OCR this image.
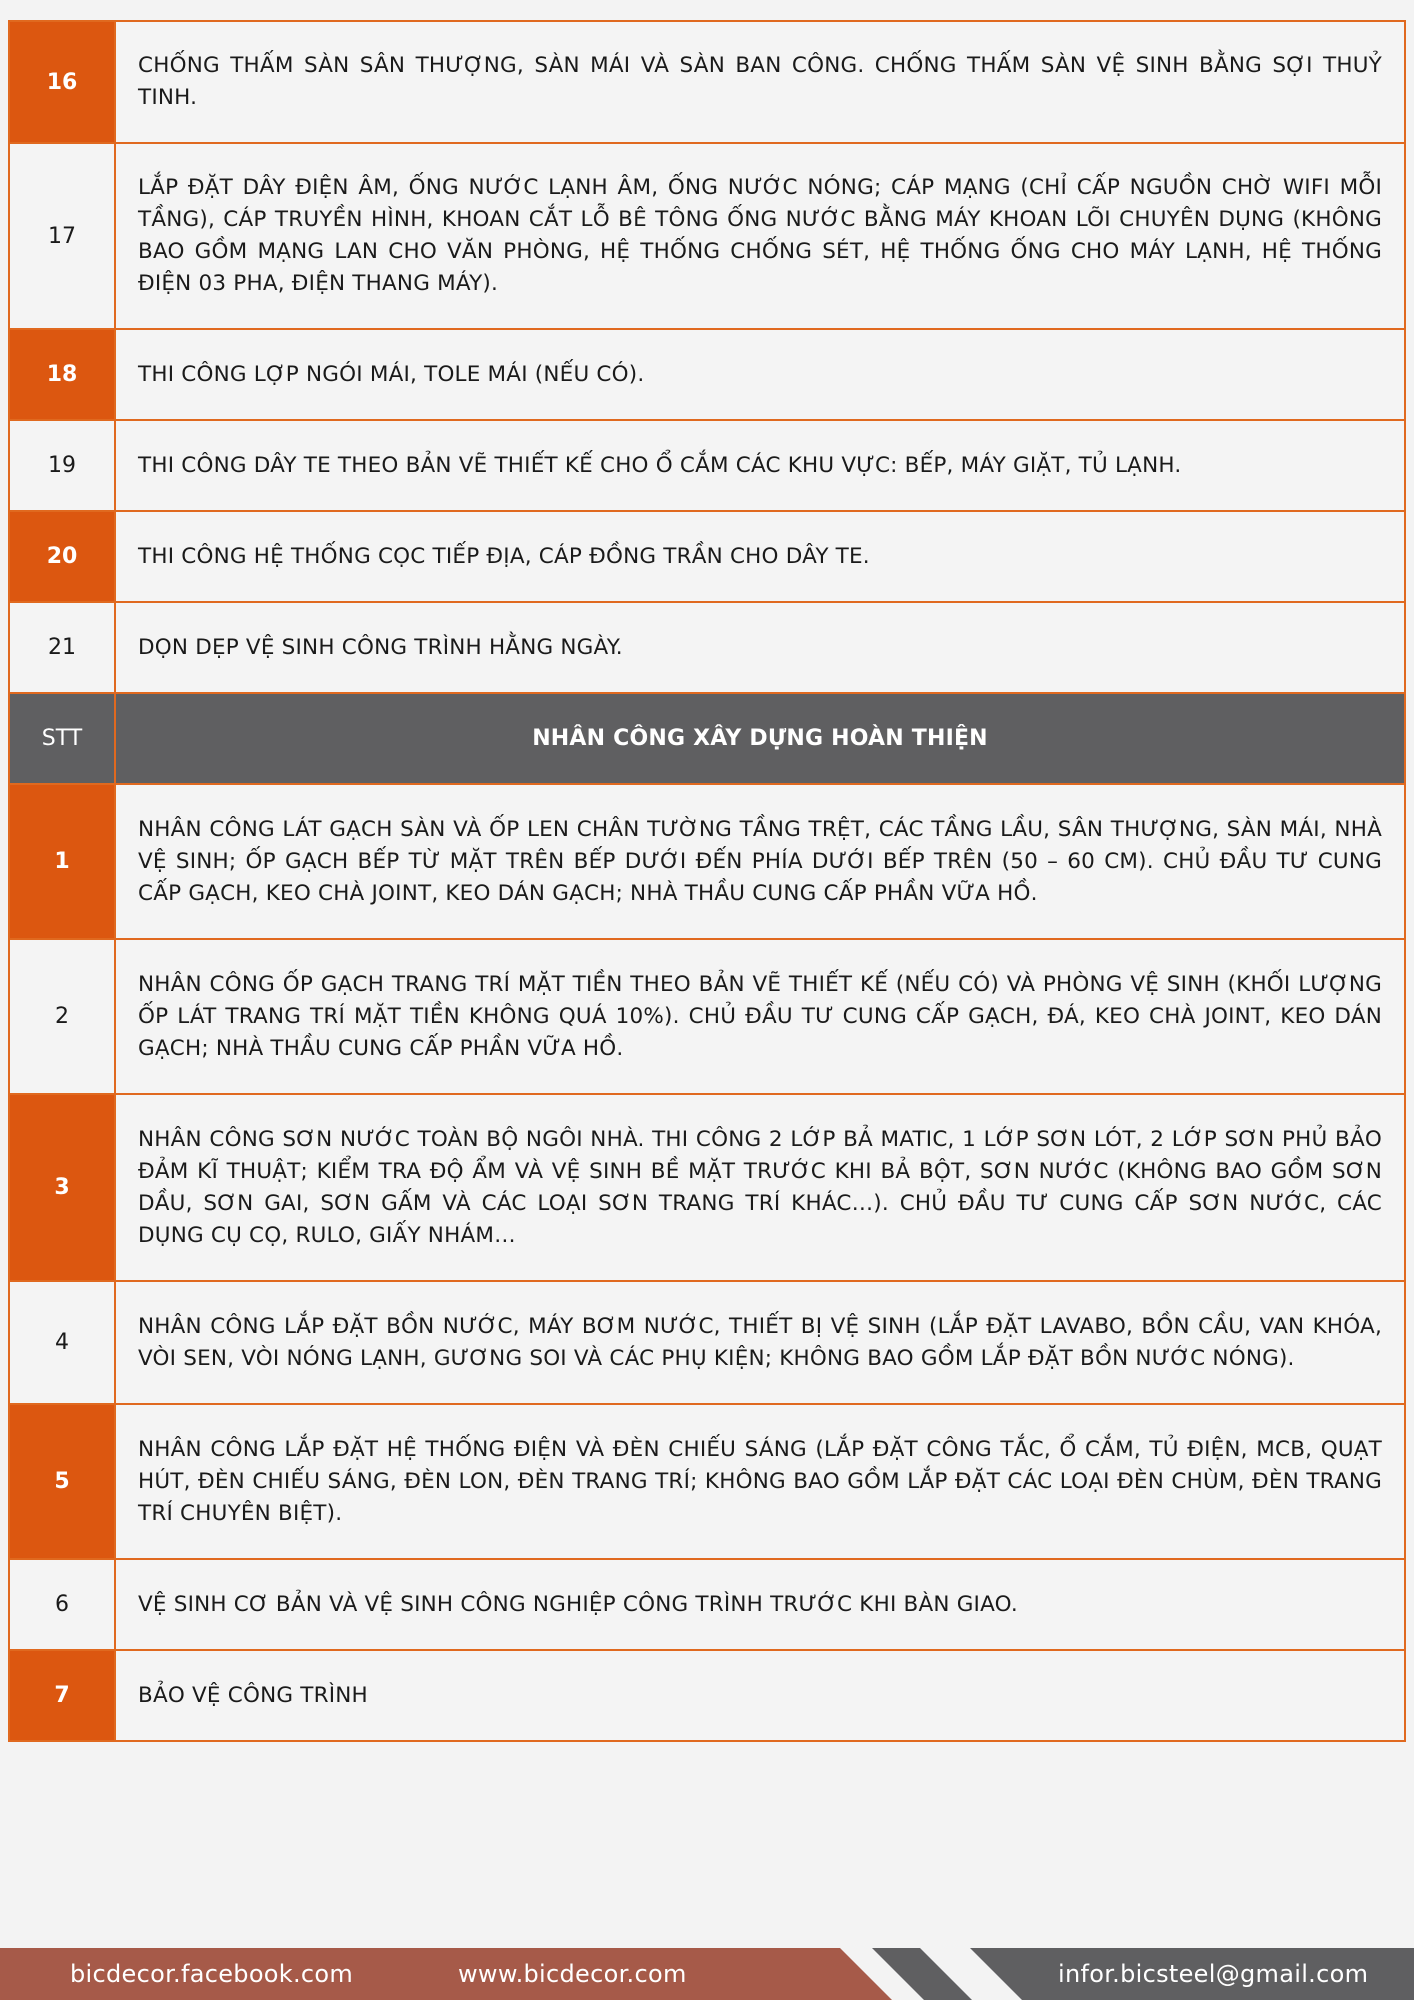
16	CHỐNG THẤM SÀN SÂN THƯỢNG, SÀN MÁI VÀ SÀN BAN CÔNG. CHỐNG THẤM SÀN VỆ SINH BẰNG SỢI THUỶ TINH.
17	LẮP ĐẶT DÂY ĐIỆN ÂM, ỐNG NƯỚC LẠNH ÂM, ỐNG NƯỚC NÓNG; CÁP MẠNG (CHỈ CẤP NGUỒN CHỜ WIFI MỖI TẦNG), CÁP TRUYỀN HÌNH, KHOAN CẮT LỖ BÊ TÔNG ỐNG NƯỚC BẰNG MÁY KHOAN LÕI CHUYÊN DỤNG (KHÔNG BAO GỒM MẠNG LAN CHO VĂN PHÒNG, HỆ THỐNG CHỐNG SÉT, HỆ THỐNG ỐNG CHO MÁY LẠNH, HỆ THỐNG ĐIỆN 03 PHA, ĐIỆN THANG MÁY).
18	THI CÔNG LỢP NGÓI MÁI, TOLE MÁI (NẾU CÓ).
19	THI CÔNG DÂY TE THEO BẢN VẼ THIẾT KẾ CHO Ổ CẮM CÁC KHU VỰC: BẾP, MÁY GIẶT, TỦ LẠNH.
20	THI CÔNG HỆ THỐNG CỌC TIẾP ĐỊA, CÁP ĐỒNG TRẦN CHO DÂY TE.
21	DỌN DẸP VỆ SINH CÔNG TRÌNH HẰNG NGÀY.
STT	NHÂN CÔNG XÂY DỰNG HOÀN THIỆN
1	NHÂN CÔNG LÁT GẠCH SÀN VÀ ỐP LEN CHÂN TƯỜNG TẦNG TRỆT, CÁC TẦNG LẦU, SÂN THƯỢNG, SÀN MÁI, NHÀ VỆ SINH; ỐP GẠCH BẾP TỪ MẶT TRÊN BẾP DƯỚI ĐẾN PHÍA DƯỚI BẾP TRÊN (50 – 60 CM). CHỦ ĐẦU TƯ CUNG CẤP GẠCH, KEO CHÀ JOINT, KEO DÁN GẠCH; NHÀ THẦU CUNG CẤP PHẦN VỮA HỒ.
2	NHÂN CÔNG ỐP GẠCH TRANG TRÍ MẶT TIỀN THEO BẢN VẼ THIẾT KẾ (NẾU CÓ) VÀ PHÒNG VỆ SINH (KHỐI LƯỢNG ỐP LÁT TRANG TRÍ MẶT TIỀN KHÔNG QUÁ 10%). CHỦ ĐẦU TƯ CUNG CẤP GẠCH, ĐÁ, KEO CHÀ JOINT, KEO DÁN GẠCH; NHÀ THẦU CUNG CẤP PHẦN VỮA HỒ.
3	NHÂN CÔNG SƠN NƯỚC TOÀN BỘ NGÔI NHÀ. THI CÔNG 2 LỚP BẢ MATIC, 1 LỚP SƠN LÓT, 2 LỚP SƠN PHỦ BẢO ĐẢM KĨ THUẬT; KIỂM TRA ĐỘ ẨM VÀ VỆ SINH BỀ MẶT TRƯỚC KHI BẢ BỘT, SƠN NƯỚC (KHÔNG BAO GỒM SƠN DẦU, SƠN GAI, SƠN GẤM VÀ CÁC LOẠI SƠN TRANG TRÍ KHÁC…). CHỦ ĐẦU TƯ CUNG CẤP SƠN NƯỚC, CÁC DỤNG CỤ CỌ, RULO, GIẤY NHÁM…
4	NHÂN CÔNG LẮP ĐẶT BỒN NƯỚC, MÁY BƠM NƯỚC, THIẾT BỊ VỆ SINH (LẮP ĐẶT LAVABO, BỒN CẦU, VAN KHÓA, VÒI SEN, VÒI NÓNG LẠNH, GƯƠNG SOI VÀ CÁC PHỤ KIỆN; KHÔNG BAO GỒM LẮP ĐẶT BỒN NƯỚC NÓNG).
5	NHÂN CÔNG LẮP ĐẶT HỆ THỐNG ĐIỆN VÀ ĐÈN CHIẾU SÁNG (LẮP ĐẶT CÔNG TẮC, Ổ CẮM, TỦ ĐIỆN, MCB, QUẠT HÚT, ĐÈN CHIẾU SÁNG, ĐÈN LON, ĐÈN TRANG TRÍ; KHÔNG BAO GỒM LẮP ĐẶT CÁC LOẠI ĐÈN CHÙM, ĐÈN TRANG TRÍ CHUYÊN BIỆT).
6	VỆ SINH CƠ BẢN VÀ VỆ SINH CÔNG NGHIỆP CÔNG TRÌNH TRƯỚC KHI BÀN GIAO.
7	BẢO VỆ CÔNG TRÌNH
bicdecor.facebook.com	www.bicdecor.com	infor.bicsteel@gmail.com
